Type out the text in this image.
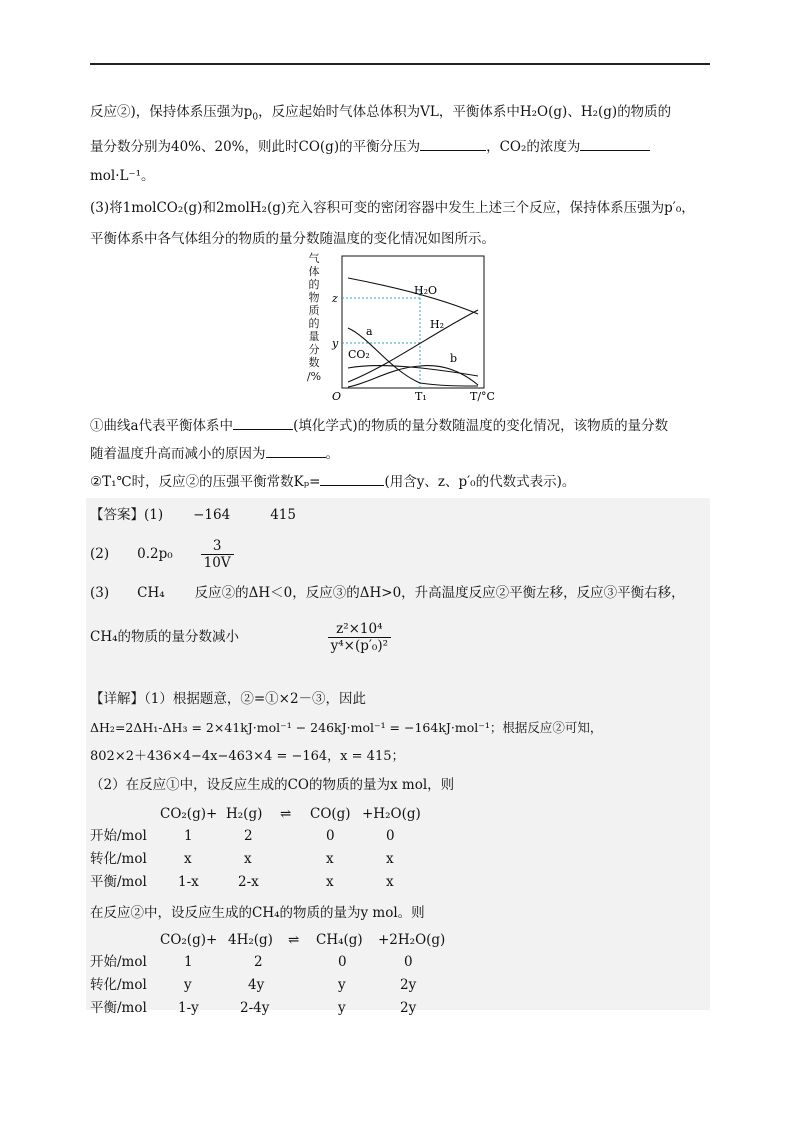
反应②)，保持体系压强为$p_0$，反应起始时气体总体积为VL，平衡体系中H₂O(g)、H₂(g)的物质的
量分数分别为40%、20%，则此时CO(g)的平衡分压为	，CO₂的浓度为
mol·L⁻¹。
(3)将1molCO₂(g)和2molH₂(g)充入容积可变的密闭容器中发生上述三个反应，保持体系压强为p′₀，
平衡体系中各气体组分的物质的量分数随温度的变化情况如图所示。
气
体
的
物
质
的
量
分
数
/%
H₂O
H₂
a
CO₂	b
z
y
O	T₁	T/°C
①曲线a代表平衡体系中	(填化学式)的物质的量分数随温度的变化情况，该物质的量分数
随着温度升高而减小的原因为	。
②T₁℃时，反应②的压强平衡常数Kₚ=	(用含y、z、p′₀的代数式表示)。
【答案】(1) −164	415
(2) $0.2p_0 \frac{3}{10V}$
(3) CH₄ 反应②的ΔH＜0，反应③的ΔH>0，升高温度反应②平衡左移，反应③平衡右移，
CH₄的物质的量分数减小	$\frac{\text{z²×10⁴}}{\text{y⁴×(p′₀)²}}$
【详解】（1）根据题意，②=①×2－③，因此
ΔH₂=2ΔH₁-ΔH₃ = 2×41kJ·mol⁻¹ − 246kJ·mol⁻¹ = −164kJ·mol⁻¹；根据反应②可知，
802×2＋436×4−4x−463×4 = −164，x = 415；
（2）在反应①中，设反应生成的CO的物质的量为x mol，则
CO₂(g)+ H₂(g) ⇌ CO(g) +H₂O(g)
开始/mol	1	2	0	0
转化/mol	x	x	x	x
平衡/mol 1-x	2-x	x	x
在反应②中，设反应生成的CH₄的物质的量为y mol。则
CO₂(g)+ 4H₂(g) ⇌ CH₄(g) +2H₂O(g)
开始/mol	1	2	0	0
转化/mol	y	4y	y	2y
平衡/mol 1-y	2-4y	y	2y
